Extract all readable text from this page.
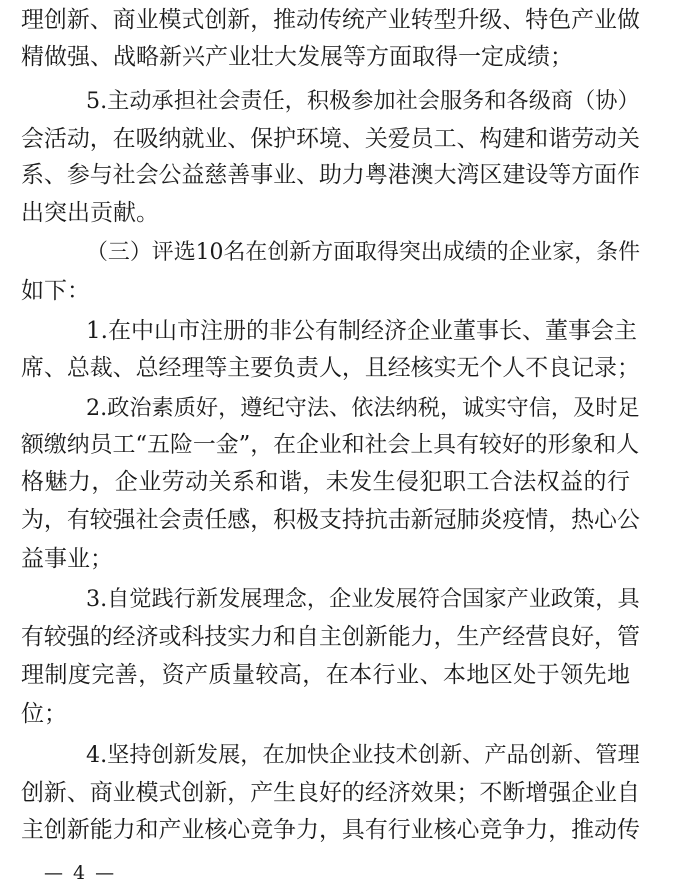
理创新、商业模式创新，推动传统产业转型升级、特色产业做
精做强、战略新兴产业壮大发展等方面取得一定成绩；
5.主动承担社会责任，积极参加社会服务和各级商（协）
会活动，在吸纳就业、保护环境、关爱员工、构建和谐劳动关
系、参与社会公益慈善事业、助力粤港澳大湾区建设等方面作
出突出贡献。
（三）评选10名在创新方面取得突出成绩的企业家，条件
如下：
1.在中山市注册的非公有制经济企业董事长、董事会主
席、总裁、总经理等主要负责人，且经核实无个人不良记录；
2.政治素质好，遵纪守法、依法纳税，诚实守信，及时足
额缴纳员工“五险一金”，在企业和社会上具有较好的形象和人
格魅力，企业劳动关系和谐，未发生侵犯职工合法权益的行
为，有较强社会责任感，积极支持抗击新冠肺炎疫情，热心公
益事业；
3.自觉践行新发展理念，企业发展符合国家产业政策，具
有较强的经济或科技实力和自主创新能力，生产经营良好，管
理制度完善，资产质量较高，在本行业、本地区处于领先地
位；
4.坚持创新发展，在加快企业技术创新、产品创新、管理
创新、商业模式创新，产生良好的经济效果；不断增强企业自
主创新能力和产业核心竞争力，具有行业核心竞争力，推动传
— 4 —
